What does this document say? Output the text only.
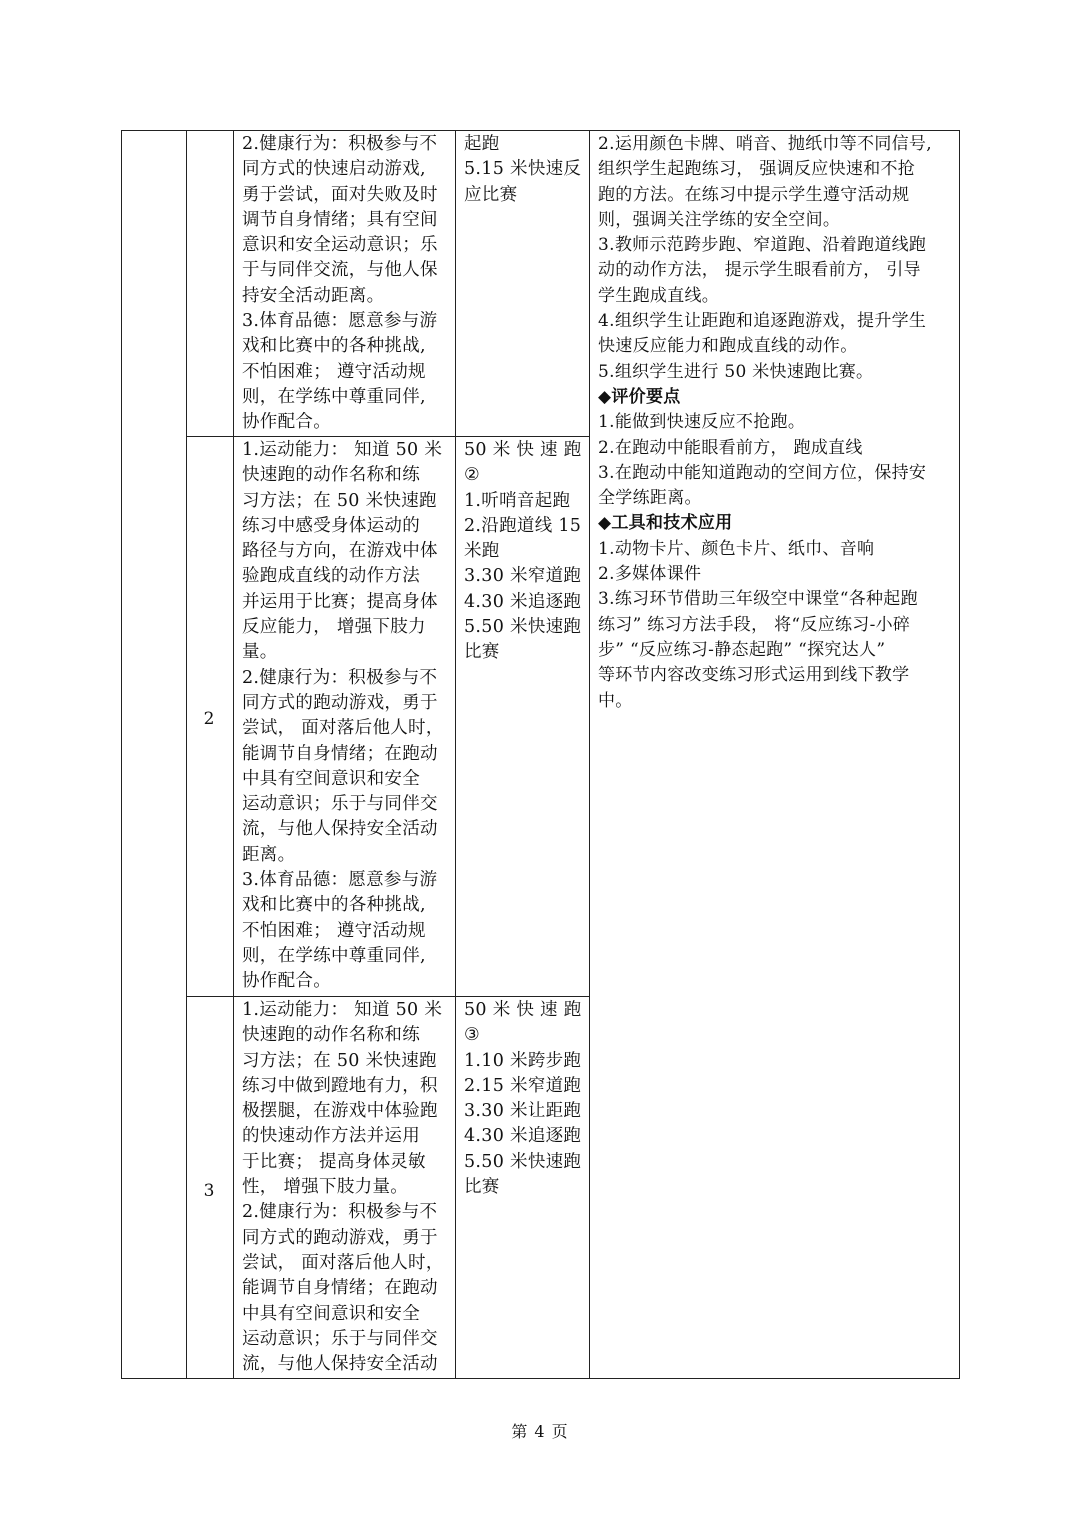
2
3

2.健康行为：积极参与不

同方式的快速启动游戏,

勇于尝试，面对失败及时

调节自身情绪；具有空间

意识和安全运动意识；乐

于与同伴交流，与他人保

持安全活动距离。

3.体育品德：愿意参与游

戏和比赛中的各种挑战,

不怕困难； 遵守活动规

则，在学练中尊重同伴,

协作配合。

1.运动能力： 知道 50 米

快速跑的动作名称和练

习方法；在 50 米快速跑

练习中感受身体运动的

路径与方向，在游戏中体

验跑成直线的动作方法

并运用于比赛；提高身体

反应能力， 增强下肢力

量。

2.健康行为：积极参与不

同方式的跑动游戏，勇于

尝试， 面对落后他人时，

能调节自身情绪；在跑动

中具有空间意识和安全

运动意识；乐于与同伴交

流，与他人保持安全活动

距离。

3.体育品德：愿意参与游

戏和比赛中的各种挑战,

不怕困难； 遵守活动规

则，在学练中尊重同伴,

协作配合。

1.运动能力： 知道 50 米

快速跑的动作名称和练

习方法；在 50 米快速跑

练习中做到蹬地有力，积

极摆腿，在游戏中体验跑

的快速动作方法并运用

于比赛； 提高身体灵敏

性， 增强下肢力量。

2.健康行为：积极参与不

同方式的跑动游戏，勇于

尝试， 面对落后他人时，

能调节自身情绪；在跑动

中具有空间意识和安全

运动意识；乐于与同伴交

流，与他人保持安全活动

起跑

5.15 米快速反

应比赛

50 米 快 速 跑

②

1.听哨音起跑

2.沿跑道线 15

米跑

3.30 米窄道跑

4.30 米追逐跑

5.50 米快速跑

比赛

50 米 快 速 跑

③

1.10 米跨步跑

2.15 米窄道跑

3.30 米让距跑

4.30 米追逐跑

5.50 米快速跑

比赛

2.运用颜色卡牌、哨音、抛纸巾等不同信号,

组织学生起跑练习， 强调反应快速和不抢

跑的方法。在练习中提示学生遵守活动规

则，强调关注学练的安全空间。

3.教师示范跨步跑、窄道跑、沿着跑道线跑

动的动作方法， 提示学生眼看前方， 引导

学生跑成直线。

4.组织学生让距跑和追逐跑游戏，提升学生

快速反应能力和跑成直线的动作。

5.组织学生进行 50 米快速跑比赛。

◆评价要点

1.能做到快速反应不抢跑。

2.在跑动中能眼看前方， 跑成直线

3.在跑动中能知道跑动的空间方位，保持安

全学练距离。

◆工具和技术应用

1.动物卡片、颜色卡片、纸巾、音响

2.多媒体课件

3.练习环节借助三年级空中课堂“各种起跑

练习” 练习方法手段， 将“反应练习-小碎

步” “反应练习-静态起跑” “探究达人”

等环节内容改变练习形式运用到线下教学

中。

第 4 页
